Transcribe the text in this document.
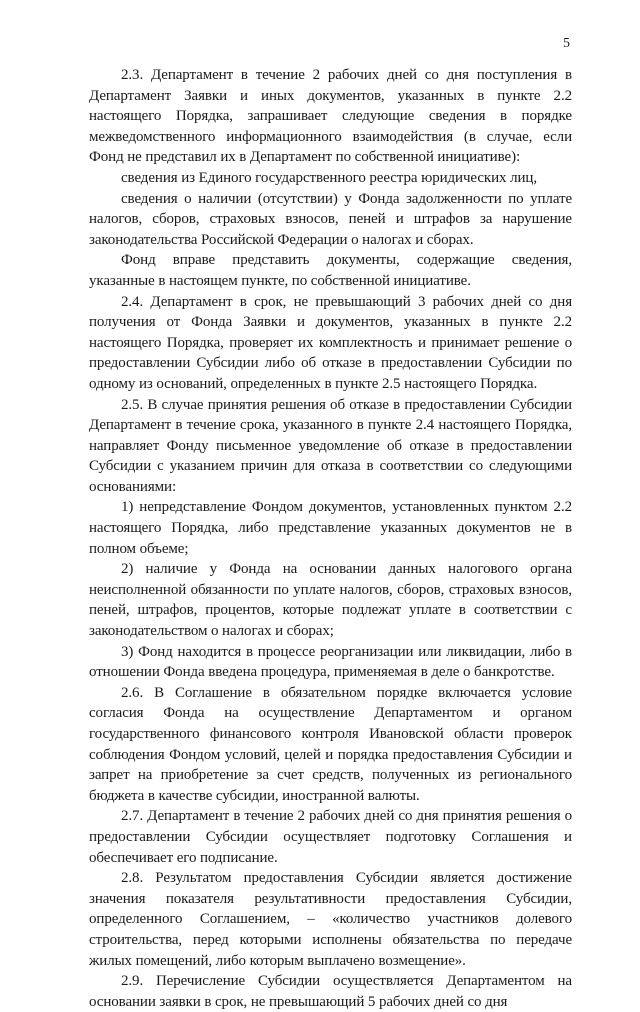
5

2.3. Департамент в течение 2 рабочих дней со дня поступления в Департамент Заявки и иных документов, указанных в пункте 2.2 настоящего Порядка, запрашивает следующие сведения в порядке межведомственного информационного взаимодействия (в случае, если Фонд не представил их в Департамент по собственной инициативе):

сведения из Единого государственного реестра юридических лиц,

сведения о наличии (отсутствии) у Фонда задолженности по уплате налогов, сборов, страховых взносов, пеней и штрафов за нарушение законодательства Российской Федерации о налогах и сборах.

Фонд вправе представить документы, содержащие сведения, указанные в настоящем пункте, по собственной инициативе.

2.4. Департамент в срок, не превышающий 3 рабочих дней со дня получения от Фонда Заявки и документов, указанных в пункте 2.2 настоящего Порядка, проверяет их комплектность и принимает решение о предоставлении Субсидии либо об отказе в предоставлении Субсидии по одному из оснований, определенных в пункте 2.5 настоящего Порядка.

2.5. В случае принятия решения об отказе в предоставлении Субсидии Департамент в течение срока, указанного в пункте 2.4 настоящего Порядка, направляет Фонду письменное уведомление об отказе в предоставлении Субсидии с указанием причин для отказа в соответствии со следующими основаниями:

1) непредставление Фондом документов, установленных пунктом 2.2 настоящего Порядка, либо представление указанных документов не в полном объеме;

2) наличие у Фонда на основании данных налогового органа неисполненной обязанности по уплате налогов, сборов, страховых взносов, пеней, штрафов, процентов, которые подлежат уплате в соответствии с законодательством о налогах и сборах;

3) Фонд находится в процессе реорганизации или ликвидации, либо в отношении Фонда введена процедура, применяемая в деле о банкротстве.

2.6. В Соглашение в обязательном порядке включается условие согласия Фонда на осуществление Департаментом и органом государственного финансового контроля Ивановской области проверок соблюдения Фондом условий, целей и порядка предоставления Субсидии и запрет на приобретение за счет средств, полученных из регионального бюджета в качестве субсидии, иностранной валюты.

2.7. Департамент в течение 2 рабочих дней со дня принятия решения о предоставлении Субсидии осуществляет подготовку Соглашения и обеспечивает его подписание.

2.8. Результатом предоставления Субсидии является достижение значения показателя результативности предоставления Субсидии, определенного Соглашением, – «количество участников долевого строительства, перед которыми исполнены обязательства по передаче жилых помещений, либо которым выплачено возмещение».

2.9. Перечисление Субсидии осуществляется Департаментом на основании заявки в срок, не превышающий 5 рабочих дней со дня
